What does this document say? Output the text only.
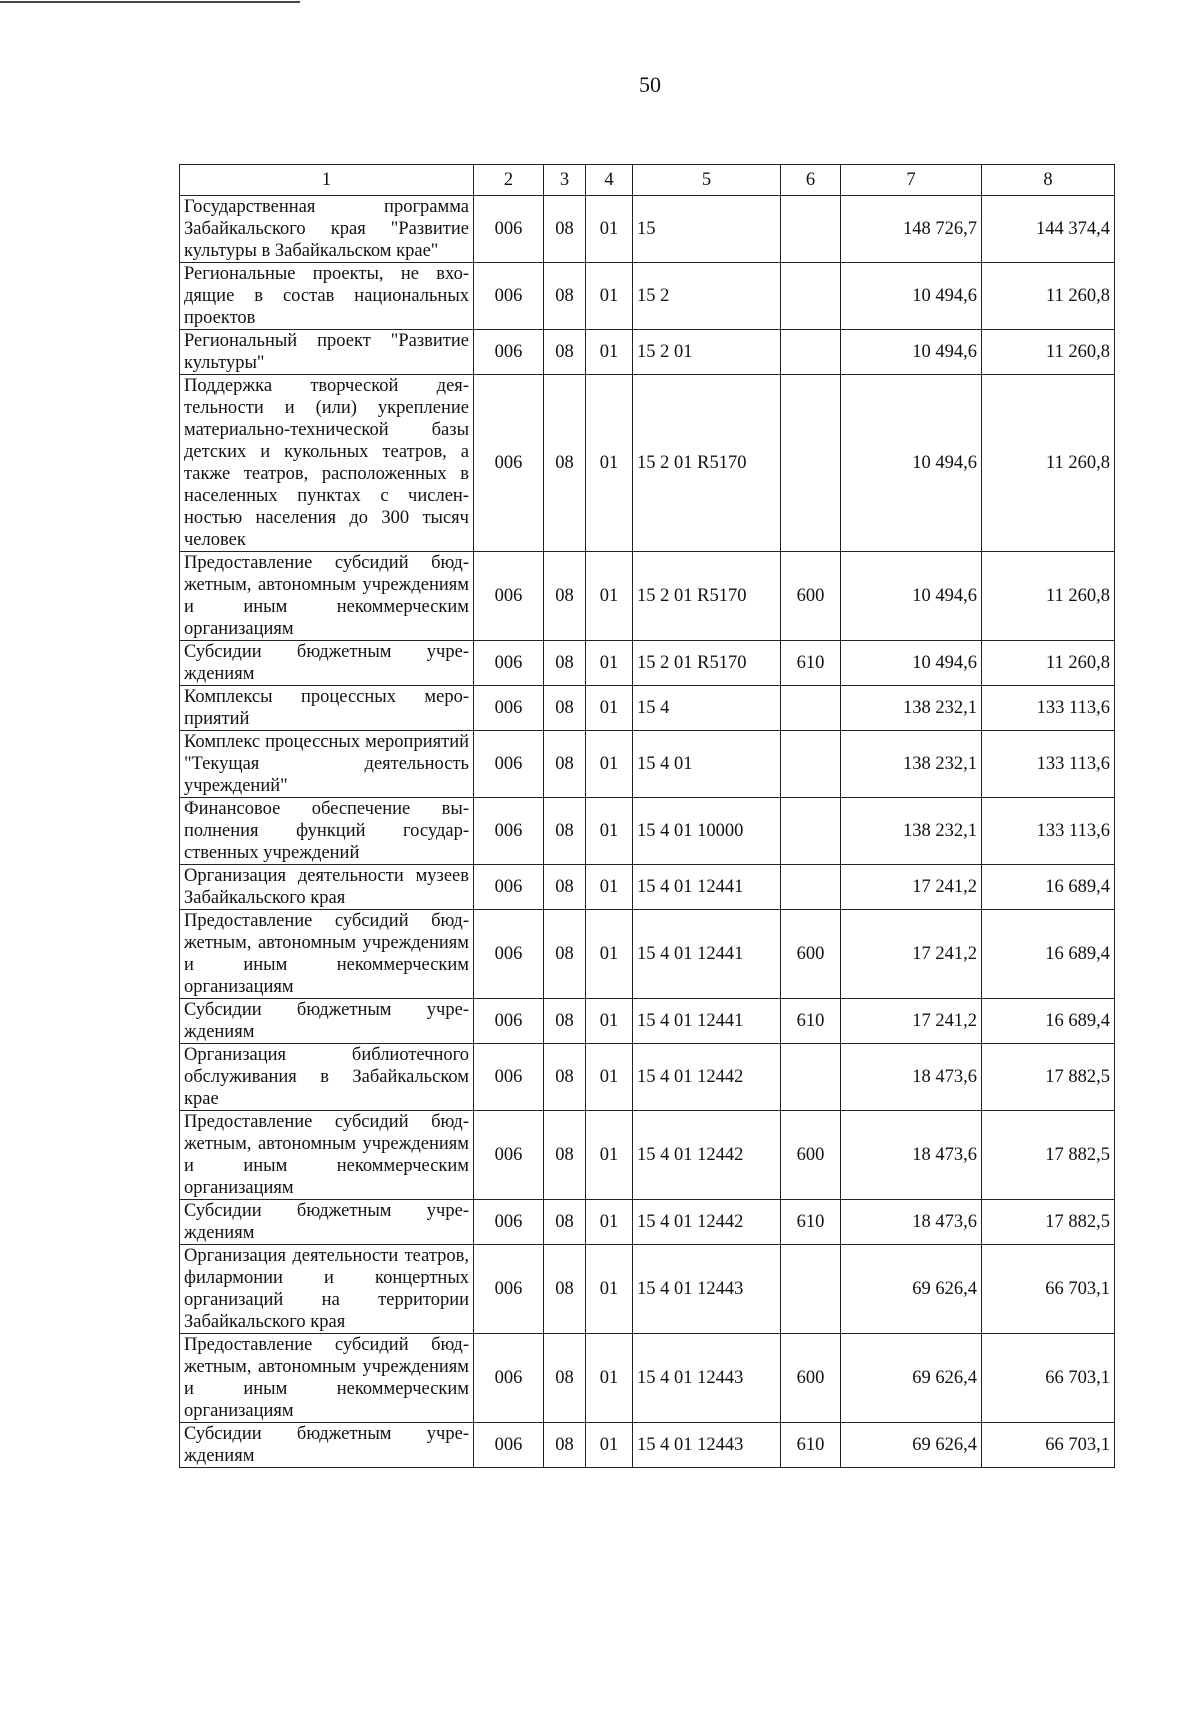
50
1	2	3	4	5	6	7	8
Государственная программа Забайкальского края "Развитие культуры в Забайкальском крае"	006	08	01	15		148 726,7	144 374,4
Региональные проекты, не входящие в состав национальных проектов	006	08	01	15 2		10 494,6	11 260,8
Региональный проект "Развитие культуры"	006	08	01	15 2 01		10 494,6	11 260,8
Поддержка творческой деятельности и (или) укрепление материально-технической базы детских и кукольных театров, а также театров, расположенных в населенных пунктах с численностью населения до 300 тысяч человек	006	08	01	15 2 01 R5170		10 494,6	11 260,8
Предоставление субсидий бюджетным, автономным учреждениям и иным некоммерческим организациям	006	08	01	15 2 01 R5170	600	10 494,6	11 260,8
Субсидии бюджетным учреждениям	006	08	01	15 2 01 R5170	610	10 494,6	11 260,8
Комплексы процессных мероприятий	006	08	01	15 4		138 232,1	133 113,6
Комплекс процессных мероприятий "Текущая деятельность учреждений"	006	08	01	15 4 01		138 232,1	133 113,6
Финансовое обеспечение выполнения функций государственных учреждений	006	08	01	15 4 01 10000		138 232,1	133 113,6
Организация деятельности музеев Забайкальского края	006	08	01	15 4 01 12441		17 241,2	16 689,4
Предоставление субсидий бюджетным, автономным учреждениям и иным некоммерческим организациям	006	08	01	15 4 01 12441	600	17 241,2	16 689,4
Субсидии бюджетным учреждениям	006	08	01	15 4 01 12441	610	17 241,2	16 689,4
Организация библиотечного обслуживания в Забайкальском крае	006	08	01	15 4 01 12442		18 473,6	17 882,5
Предоставление субсидий бюджетным, автономным учреждениям и иным некоммерческим организациям	006	08	01	15 4 01 12442	600	18 473,6	17 882,5
Субсидии бюджетным учреждениям	006	08	01	15 4 01 12442	610	18 473,6	17 882,5
Организация деятельности театров, филармонии и концертных организаций на территории Забайкальского края	006	08	01	15 4 01 12443		69 626,4	66 703,1
Предоставление субсидий бюджетным, автономным учреждениям и иным некоммерческим организациям	006	08	01	15 4 01 12443	600	69 626,4	66 703,1
Субсидии бюджетным учреждениям	006	08	01	15 4 01 12443	610	69 626,4	66 703,1
